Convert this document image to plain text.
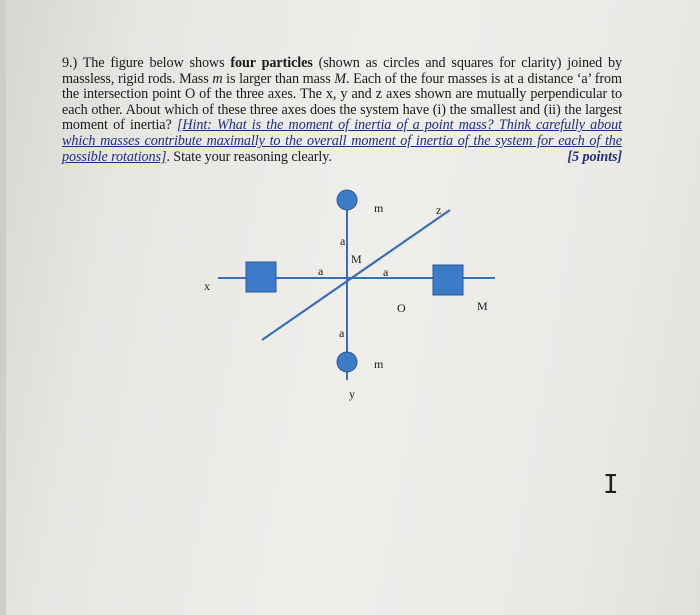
9.) The figure below shows four particles (shown as circles and squares for clarity) joined by massless, rigid rods. Mass m is larger than mass M. Each of the four masses is at a distance ‘a’ from the intersection point O of the three axes. The x, y and z axes shown are mutually perpendicular to each other. About which of these three axes does the system have (i) the smallest and (ii) the largest moment of inertia? [Hint: What is the moment of inertia of a point mass? Think carefully about which masses contribute maximally to the overall moment of inertia of the system for each of the possible rotations]. State your reasoning clearly.	[5 points]
m
m
M
M
a
a
a
a
O
x
y
z
I
